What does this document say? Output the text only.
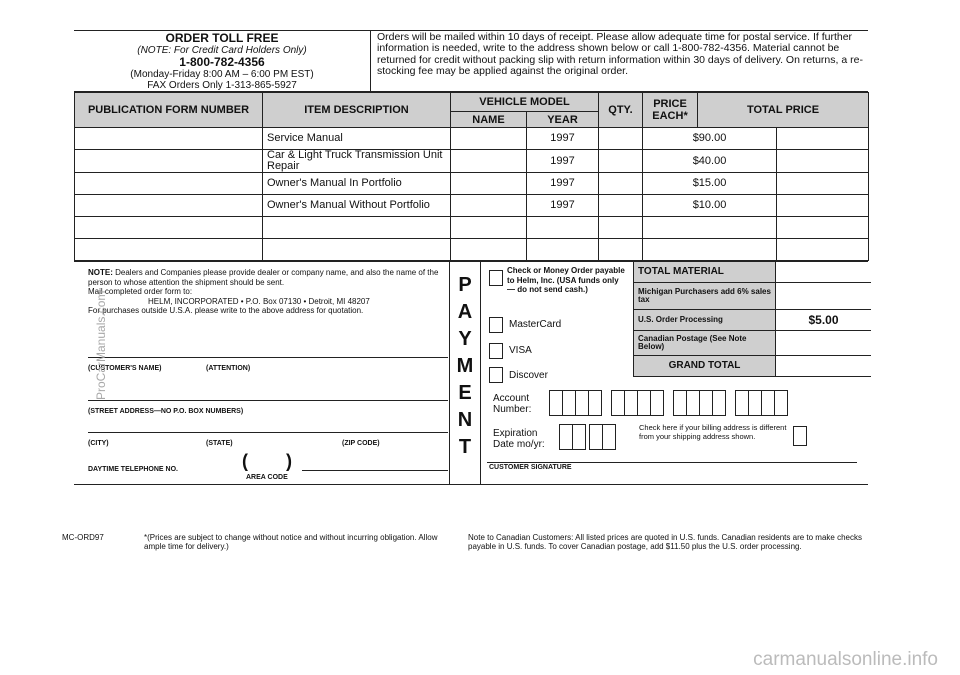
ORDER TOLL FREE
(NOTE: For Credit Card Holders Only)
1-800-782-4356
(Monday-Friday 8:00 AM – 6:00 PM EST)
FAX Orders Only 1-313-865-5927
Orders will be mailed within 10 days of receipt. Please allow adequate time for postal service. If further information is needed, write to the address shown below or call 1-800-782-4356. Material cannot be returned for credit without packing slip with return information within 30 days of delivery. On returns, a re-stocking fee may be applied against the original order.
PUBLICATION FORM NUMBER	ITEM DESCRIPTION	VEHICLE MODEL		QTY.	PRICE EACH*	TOTAL PRICE	
		NAME	YEAR				
	Service Manual		1997		$90.00		
	Car & Light Truck Transmission Unit Repair		1997		$40.00		
	Owner's Manual In Portfolio		1997		$15.00		
	Owner's Manual Without Portfolio		1997		$10.00		

NOTE: Dealers and Companies please provide dealer or company name, and also the name of the person to whose attention the shipment should be sent.
Mail completed order form to:
HELM, INCORPORATED • P.O. Box 07130 • Detroit, MI 48207
For purchases outside U.S.A. please write to the above address for quotation.
(CUSTOMER'S NAME)	(ATTENTION)
(STREET ADDRESS—NO P.O. BOX NUMBERS)
(CITY)	(STATE)	(ZIP CODE)
DAYTIME TELEPHONE NO.	( )
AREA CODE
P
A
Y
M
E
N
T
Check or Money Order payable to Helm, Inc. (USA funds only — do not send cash.)
MasterCard
VISA
Discover
TOTAL MATERIAL
Michigan Purchasers add 6% sales tax
U.S. Order Processing	$5.00
Canadian Postage (See Note Below)
GRAND TOTAL
Account Number:
Expiration Date mo/yr:
Check here if your billing address is different from your shipping address shown.
CUSTOMER SIGNATURE
MC-ORD97	*(Prices are subject to change without notice and without incurring obligation. Allow ample time for delivery.)
Note to Canadian Customers: All listed prices are quoted in U.S. funds. Canadian residents are to make checks payable in U.S. funds. To cover Canadian postage, add $11.50 plus the U.S. order processing.
ProCarManuals.com
carmanualsonline.info
